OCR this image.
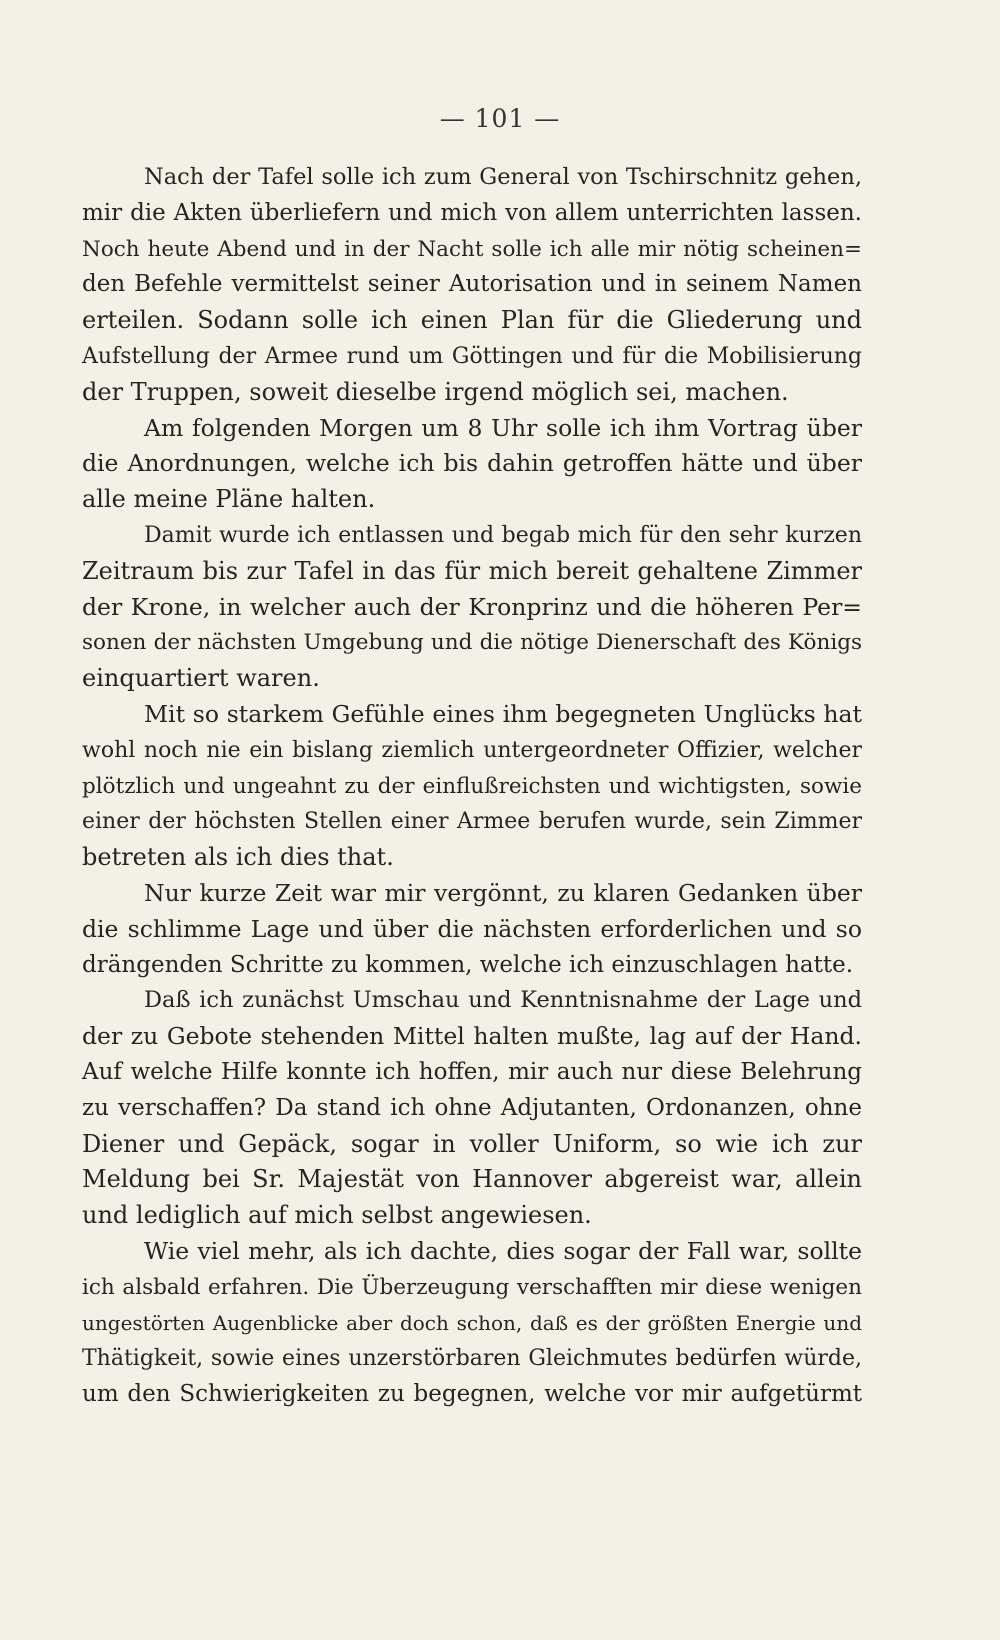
— 101 —
Nach der Tafel solle ich zum General von Tschirschnitz gehen,
mir die Akten überliefern und mich von allem unterrichten lassen.
Noch heute Abend und in der Nacht solle ich alle mir nötig scheinen=
den Befehle vermittelst seiner Autorisation und in seinem Namen
erteilen. Sodann solle ich einen Plan für die Gliederung und
Aufstellung der Armee rund um Göttingen und für die Mobilisierung
der Truppen, soweit dieselbe irgend möglich sei, machen.
Am folgenden Morgen um 8 Uhr solle ich ihm Vortrag über
die Anordnungen, welche ich bis dahin getroffen hätte und über
alle meine Pläne halten.
Damit wurde ich entlassen und begab mich für den sehr kurzen
Zeitraum bis zur Tafel in das für mich bereit gehaltene Zimmer
der Krone, in welcher auch der Kronprinz und die höheren Per=
sonen der nächsten Umgebung und die nötige Dienerschaft des Königs
einquartiert waren.
Mit so starkem Gefühle eines ihm begegneten Unglücks hat
wohl noch nie ein bislang ziemlich untergeordneter Offizier, welcher
plötzlich und ungeahnt zu der einflußreichsten und wichtigsten, sowie
einer der höchsten Stellen einer Armee berufen wurde, sein Zimmer
betreten als ich dies that.
Nur kurze Zeit war mir vergönnt, zu klaren Gedanken über
die schlimme Lage und über die nächsten erforderlichen und so
drängenden Schritte zu kommen, welche ich einzuschlagen hatte.
Daß ich zunächst Umschau und Kenntnisnahme der Lage und
der zu Gebote stehenden Mittel halten mußte, lag auf der Hand.
Auf welche Hilfe konnte ich hoffen, mir auch nur diese Belehrung
zu verschaffen? Da stand ich ohne Adjutanten, Ordonanzen, ohne
Diener und Gepäck, sogar in voller Uniform, so wie ich zur
Meldung bei Sr. Majestät von Hannover abgereist war, allein
und lediglich auf mich selbst angewiesen.
Wie viel mehr, als ich dachte, dies sogar der Fall war, sollte
ich alsbald erfahren. Die Überzeugung verschafften mir diese wenigen
ungestörten Augenblicke aber doch schon, daß es der größten Energie und
Thätigkeit, sowie eines unzerstörbaren Gleichmutes bedürfen würde,
um den Schwierigkeiten zu begegnen, welche vor mir aufgetürmt
